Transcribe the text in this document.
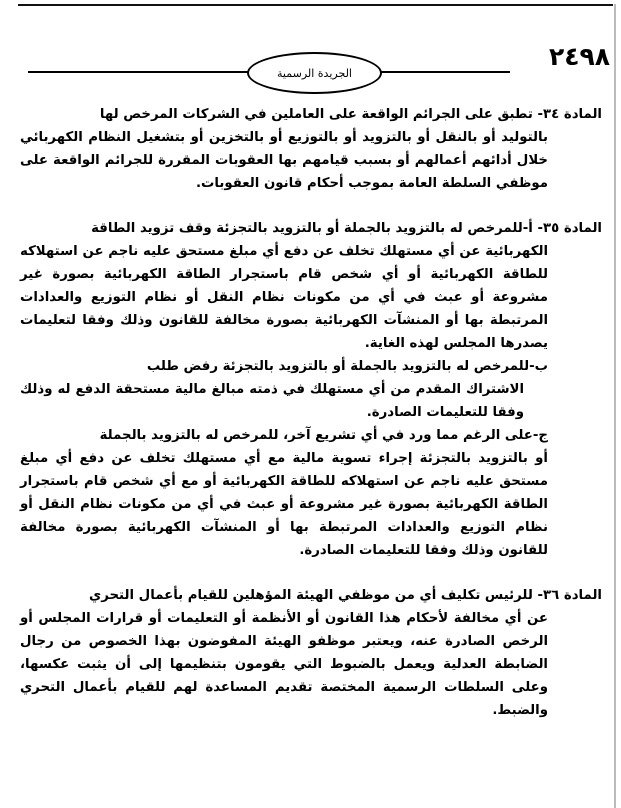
٢٤٩٨
الجريدة الرسمية

المادة ٣٤- تطبق على الجرائم الواقعة على العاملين في الشركات المرخص لها

بالتوليد أو بالنقل أو بالتزويد أو بالتوزيع أو بالتخزين أو بتشغيل النظام الكهربائي خلال أدائهم أعمالهم أو بسبب قيامهم بها العقوبات المقررة للجرائم الواقعة على موظفي السلطة العامة بموجب أحكام قانون العقوبات.

المادة ٣٥- أ-للمرخص له بالتزويد بالجملة أو بالتزويد بالتجزئة وقف تزويد الطاقة

الكهربائية عن أي مستهلك تخلف عن دفع أي مبلغ مستحق عليه ناجم عن استهلاكه للطاقة الكهربائية أو أي شخص قام باستجرار الطاقة الكهربائية بصورة غير مشروعة أو عبث في أي من مكونات نظام النقل أو نظام التوزيع والعدادات المرتبطة بها أو المنشآت الكهربائية بصورة مخالفة للقانون وذلك وفقا لتعليمات يصدرها المجلس لهذه الغاية.

ب-للمرخص له بالتزويد بالجملة أو بالتزويد بالتجزئة رفض طلب

الاشتراك المقدم من أي مستهلك في ذمته مبالغ مالية مستحقة الدفع له وذلك وفقا للتعليمات الصادرة.

ج-على الرغم مما ورد في أي تشريع آخر، للمرخص له بالتزويد بالجملة

أو بالتزويد بالتجزئة إجراء تسوية مالية مع أي مستهلك تخلف عن دفع أي مبلغ مستحق عليه ناجم عن استهلاكه للطاقة الكهربائية أو مع أي شخص قام باستجرار الطاقة الكهربائية بصورة غير مشروعة أو عبث في أي من مكونات نظام النقل أو نظام التوزيع والعدادات المرتبطة بها أو المنشآت الكهربائية بصورة مخالفة للقانون وذلك وفقا للتعليمات الصادرة.

المادة ٣٦- للرئيس تكليف أي من موظفي الهيئة المؤهلين للقيام بأعمال التحري

عن أي مخالفة لأحكام هذا القانون أو الأنظمة أو التعليمات أو قرارات المجلس أو الرخص الصادرة عنه، ويعتبر موظفو الهيئة المفوضون بهذا الخصوص من رجال الضابطة العدلية ويعمل بالضبوط التي يقومون بتنظيمها إلى أن يثبت عكسها، وعلى السلطات الرسمية المختصة تقديم المساعدة لهم للقيام بأعمال التحري والضبط.
